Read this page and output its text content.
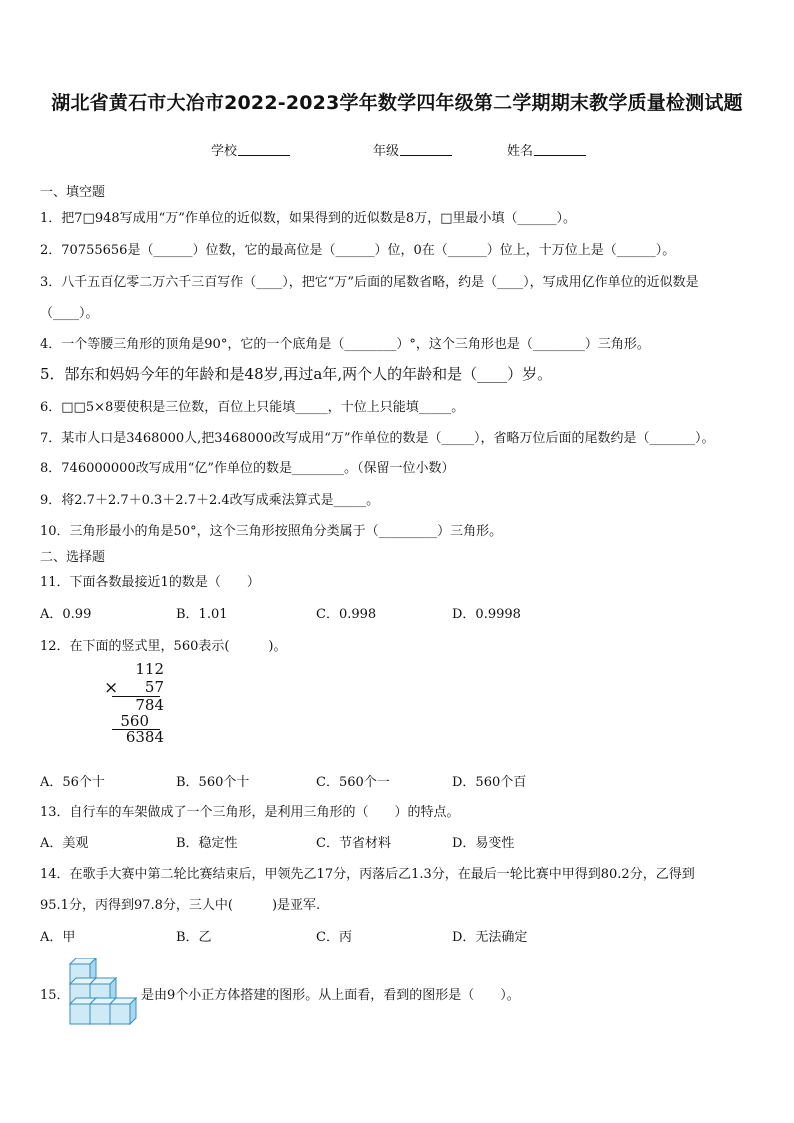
湖北省黄石市大冶市2022-2023学年数学四年级第二学期期末教学质量检测试题
学校	年级	姓名
一、填空题
1．把7□948写成用“万”作单位的近似数，如果得到的近似数是8万，□里最小填（______）。
2．70755656是（______）位数，它的最高位是（______）位，0在（______）位上，十万位上是（______）。
3．八千五百亿零二万六千三百写作（____），把它“万”后面的尾数省略，约是（____），写成用亿作单位的近似数是
（____）。
4．一个等腰三角形的顶角是90°，它的一个底角是（________）°，这个三角形也是（________）三角形。
5．郜东和妈妈今年的年龄和是48岁,再过a年,两个人的年龄和是（____）岁。
6．□□5×8要使积是三位数，百位上只能填_____，十位上只能填_____。
7．某市人口是3468000人,把3468000改写成用“万”作单位的数是（_____），省略万位后面的尾数约是（_______）。
8．746000000改写成用“亿”作单位的数是________。（保留一位小数）
9．将2.7＋2.7＋0.3＋2.7＋2.4改写成乘法算式是_____。
10．三角形最小的角是50°，这个三角形按照角分类属于（_________）三角形。
二、选择题
11．下面各数最接近1的数是（　　）
A．0.99	B．1.01	C．0.998	D．0.9998
12．在下面的竖式里，560表示(　　　)。
112
×	57
784
560
6384
A．56个十	B．560个十	C．560个一	D．560个百
13．自行车的车架做成了一个三角形，是利用三角形的（　　）的特点。
A．美观	B．稳定性	C．节省材料	D．易变性
14．在歌手大赛中第二轮比赛结束后，甲领先乙17分，丙落后乙1.3分，在最后一轮比赛中甲得到80.2分，乙得到
95.1分，丙得到97.8分，三人中(　　　)是亚军.
A．甲	B．乙	C．丙	D．无法确定
15．	是由9个小正方体搭建的图形。从上面看，看到的图形是（　　）。
